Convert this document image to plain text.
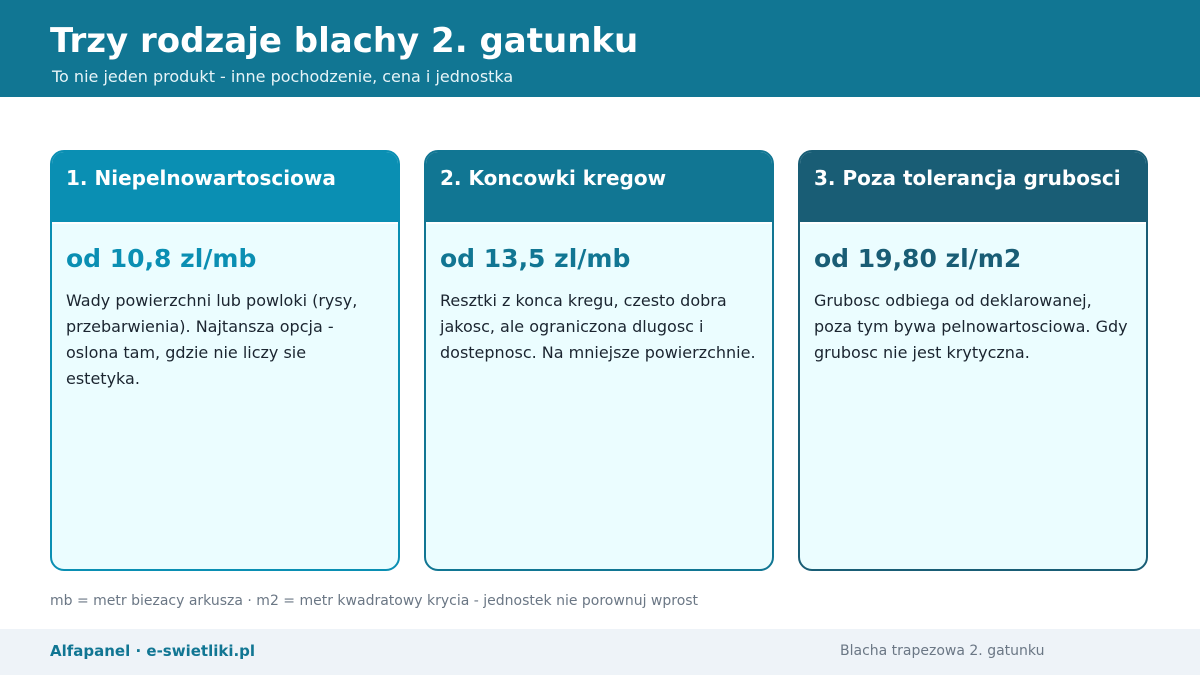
Trzy rodzaje blachy 2. gatunku
To nie jeden produkt - inne pochodzenie, cena i jednostka
1. Niepelnowartosciowa
od 10,8 zl/mb

Wady powierzchni lub powloki (rysy, przebarwienia). Najtansza opcja - oslona tam, gdzie nie liczy sie estetyka.

2. Koncowki kregow
od 13,5 zl/mb

Resztki z konca kregu, czesto dobra jakosc, ale ograniczona dlugosc i dostepnosc. Na mniejsze powierzchnie.

3. Poza tolerancja grubosci
od 19,80 zl/m2

Grubosc odbiega od deklarowanej, poza tym bywa pelnowartosciowa. Gdy grubosc nie jest krytyczna.

mb = metr biezacy arkusza · m2 = metr kwadratowy krycia - jednostek nie porownuj wprost
Alfapanel · e-swietliki.pl	Blacha trapezowa 2. gatunku
